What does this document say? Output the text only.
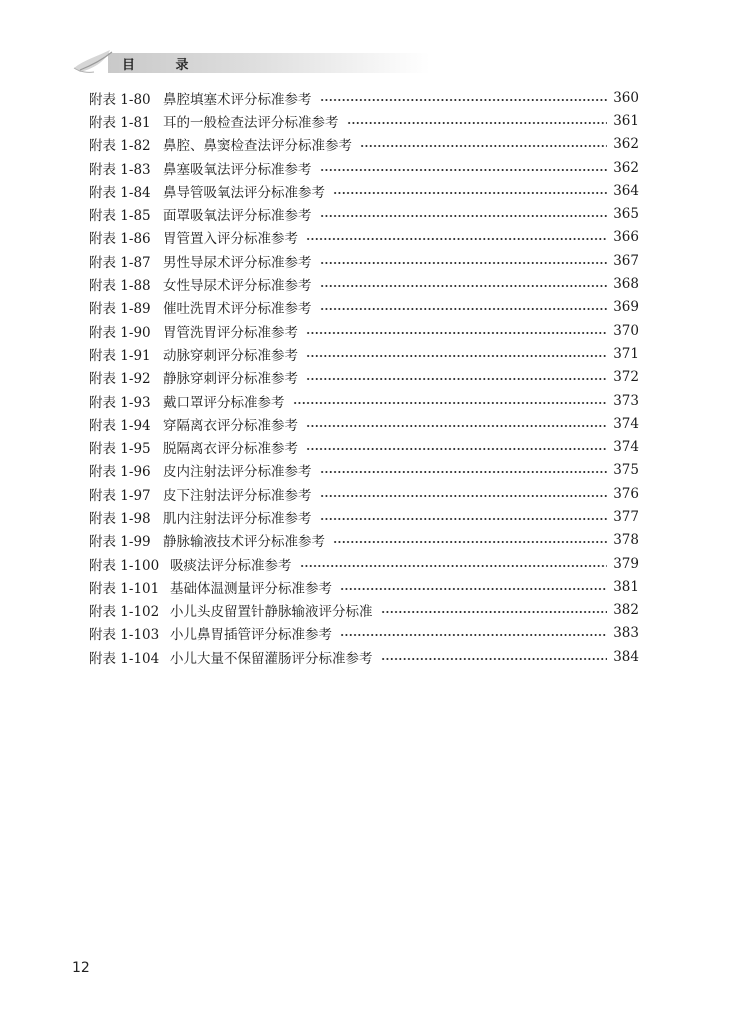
目 录
附表 1-80 鼻腔填塞术评分标准参考	360
附表 1-81 耳的一般检查法评分标准参考	361
附表 1-82 鼻腔、鼻窦检查法评分标准参考	362
附表 1-83 鼻塞吸氧法评分标准参考	362
附表 1-84 鼻导管吸氧法评分标准参考	364
附表 1-85 面罩吸氧法评分标准参考	365
附表 1-86 胃管置入评分标准参考	366
附表 1-87 男性导尿术评分标准参考	367
附表 1-88 女性导尿术评分标准参考	368
附表 1-89 催吐洗胃术评分标准参考	369
附表 1-90 胃管洗胃评分标准参考	370
附表 1-91 动脉穿刺评分标准参考	371
附表 1-92 静脉穿刺评分标准参考	372
附表 1-93 戴口罩评分标准参考	373
附表 1-94 穿隔离衣评分标准参考	374
附表 1-95 脱隔离衣评分标准参考	374
附表 1-96 皮内注射法评分标准参考	375
附表 1-97 皮下注射法评分标准参考	376
附表 1-98 肌内注射法评分标准参考	377
附表 1-99 静脉输液技术评分标准参考	378
附表 1-100 吸痰法评分标准参考	379
附表 1-101 基础体温测量评分标准参考	381
附表 1-102 小儿头皮留置针静脉输液评分标准	382
附表 1-103 小儿鼻胃插管评分标准参考	383
附表 1-104 小儿大量不保留灌肠评分标准参考	384
12
